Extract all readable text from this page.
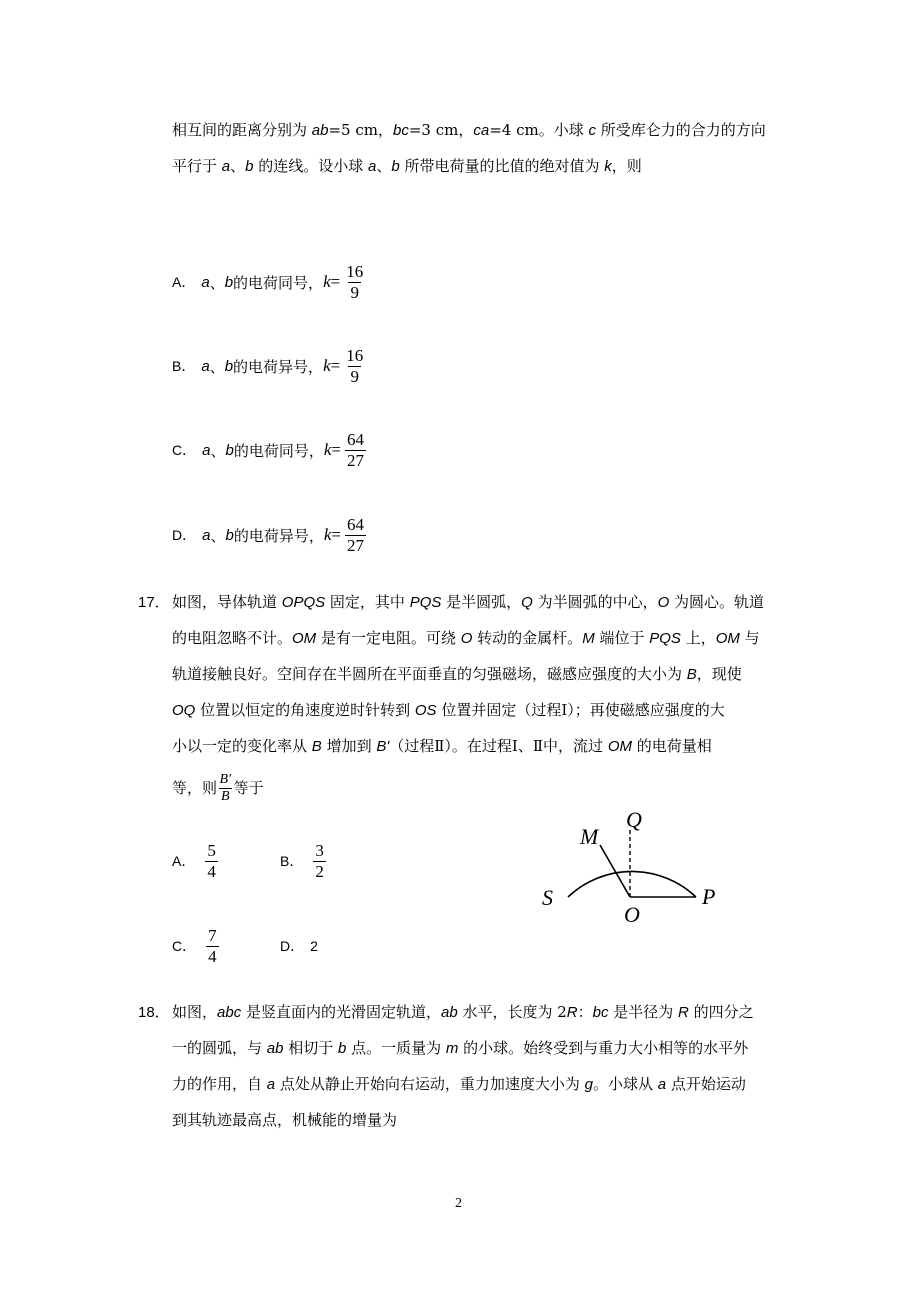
相互间的距离分别为 ab=5 cm，bc=3 cm，ca=4 cm。小球 c 所受库仑力的合力的方向
平行于 a、b 的连线。设小球 a、b 所带电荷量的比值的绝对值为 k，则
A． a 、 b 的电荷同号， $k = \frac{16}{9}$
B． a 、 b 的电荷异号， $k = \frac{16}{9}$
C． a 、 b 的电荷同号， $k = \frac{64}{27}$
D． a 、 b 的电荷异号， $k = \frac{64}{27}$
17． 如图，导体轨道 OPQS 固定，其中 PQS 是半圆弧，Q 为半圆弧的中心，O 为圆心。轨道
的电阻忽略不计。OM 是有一定电阻。可绕 O 转动的金属杆。M 端位于 PQS 上，OM 与
轨道接触良好。空间存在半圆所在平面垂直的匀强磁场，磁感应强度的大小为 B，现使
OQ 位置以恒定的角速度逆时针转到 OS 位置并固定（过程Ⅰ）；再使磁感应强度的大
小以一定的变化率从 B 增加到 B'（过程Ⅱ）。在过程Ⅰ、Ⅱ中，流过 OM 的电荷量相
等，则 $\frac{B'}{B}$ 等于
A． $\frac{5}{4}$	B． $\frac{3}{2}$
C． $\frac{7}{4}$	D． 2
M
Q
S
O
P
18． 如图，abc 是竖直面内的光滑固定轨道，ab 水平，长度为 2R：bc 是半径为 R 的四分之
一的圆弧，与 ab 相切于 b 点。一质量为 m 的小球。始终受到与重力大小相等的水平外
力的作用，自 a 点处从静止开始向右运动，重力加速度大小为 g。小球从 a 点开始运动
到其轨迹最高点，机械能的增量为
2
